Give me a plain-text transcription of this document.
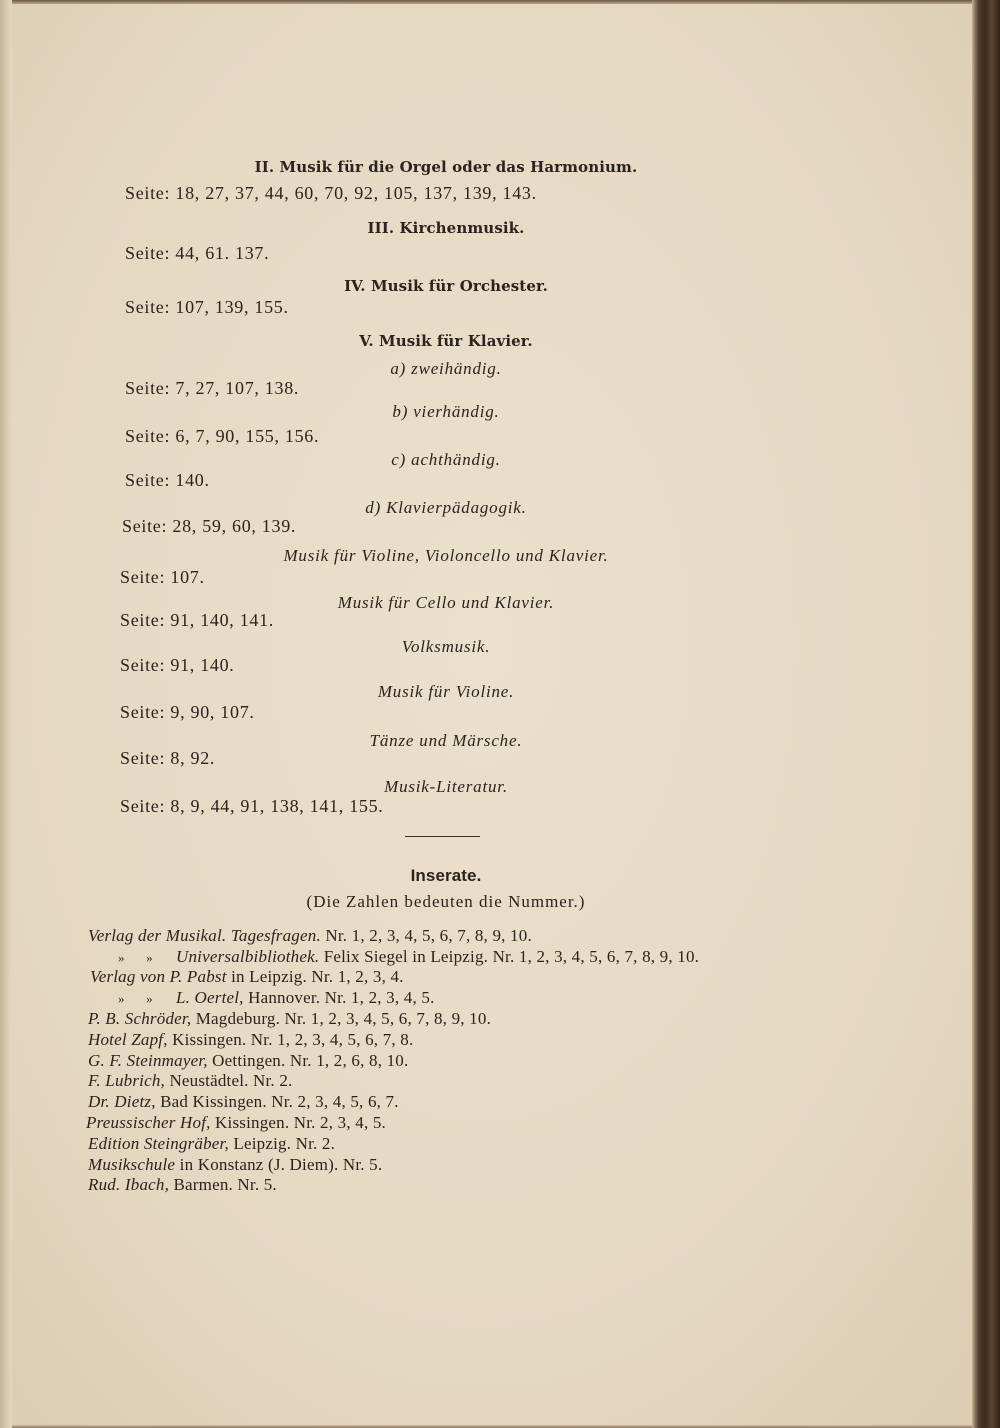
II. Musik für die Orgel oder das Harmonium.
Seite: 18, 27, 37, 44, 60, 70, 92, 105, 137, 139, 143.
III. Kirchenmusik.
Seite: 44, 61. 137.
IV. Musik für Orchester.
Seite: 107, 139, 155.
V. Musik für Klavier.
a) zweihändig.
Seite: 7, 27, 107, 138.
b) vierhändig.
Seite: 6, 7, 90, 155, 156.
c) achthändig.
Seite: 140.
d) Klavierpädagogik.
Seite: 28, 59, 60, 139.
Musik für Violine, Violoncello und Klavier.
Seite: 107.
Musik für Cello und Klavier.
Seite: 91, 140, 141.
Volksmusik.
Seite: 91, 140.
Musik für Violine.
Seite: 9, 90, 107.
Tänze und Märsche.
Seite: 8, 92.
Musik-Literatur.
Seite: 8, 9, 44, 91, 138, 141, 155.
Inserate.
(Die Zahlen bedeuten die Nummer.)
Verlag der Musikal. Tagesfragen. Nr. 1, 2, 3, 4, 5, 6, 7, 8, 9, 10.
» » Universalbibliothek. Felix Siegel in Leipzig. Nr. 1, 2, 3, 4, 5, 6, 7, 8, 9, 10.
Verlag von P. Pabst in Leipzig. Nr. 1, 2, 3, 4.
» » L. Oertel, Hannover. Nr. 1, 2, 3, 4, 5.
P. B. Schröder, Magdeburg. Nr. 1, 2, 3, 4, 5, 6, 7, 8, 9, 10.
Hotel Zapf, Kissingen. Nr. 1, 2, 3, 4, 5, 6, 7, 8.
G. F. Steinmayer, Oettingen. Nr. 1, 2, 6, 8, 10.
F. Lubrich, Neustädtel. Nr. 2.
Dr. Dietz, Bad Kissingen. Nr. 2, 3, 4, 5, 6, 7.
Preussischer Hof, Kissingen. Nr. 2, 3, 4, 5.
Edition Steingräber, Leipzig. Nr. 2.
Musikschule in Konstanz (J. Diem). Nr. 5.
Rud. Ibach, Barmen. Nr. 5.
